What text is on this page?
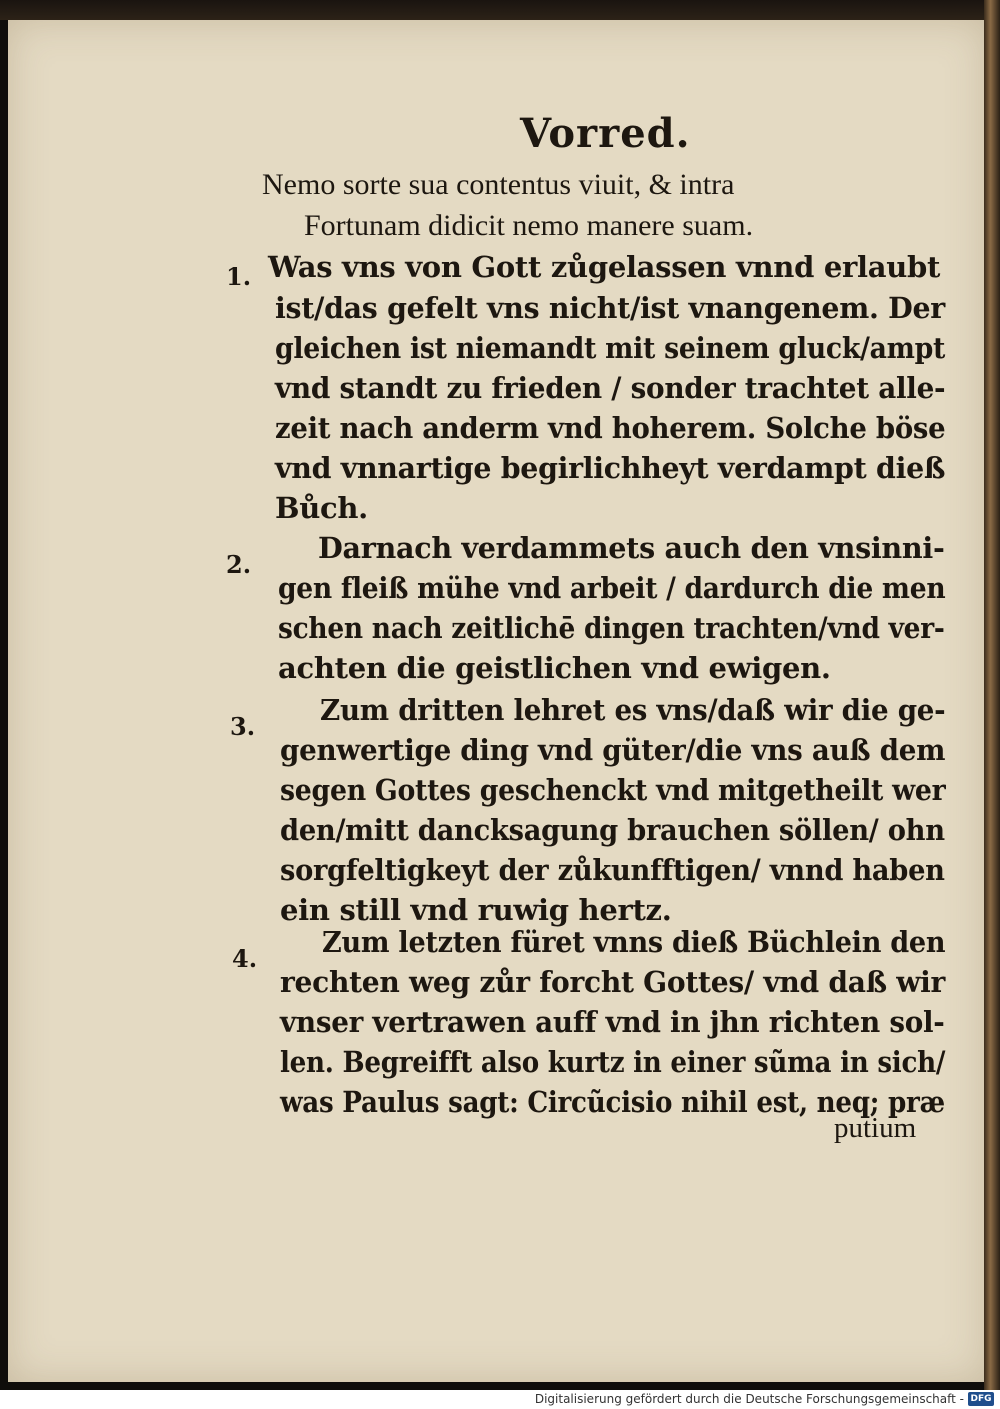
Vorred.
Nemo sorte sua contentus viuit, & intra
Fortunam didicit nemo manere suam.
1. Was vns von Gott zůgelassen vnnd erlaubt
ist/das gefelt vns nicht/ist vnangenem. Der
gleichen ist niemandt mit seinem gluck/ampt
vnd standt zu frieden / sonder trachtet alle-
zeit nach anderm vnd hoherem. Solche böse
vnd vnnartige begirlichheyt verdampt dieß
Bůch.
2. Darnach verdammets auch den vnsinni-
gen fleiß mühe vnd arbeit / dardurch die men
schen nach zeitlichē dingen trachten/vnd ver-
achten die geistlichen vnd ewigen.
3. Zum dritten lehret es vns/daß wir die ge-
genwertige ding vnd güter/die vns auß dem
segen Gottes geschenckt vnd mitgetheilt wer
den/mitt dancksagung brauchen söllen/ ohn
sorgfeltigkeyt der zůkunfftigen/ vnnd haben
ein still vnd ruwig hertz.
4. Zum letzten füret vnns dieß Büchlein den
rechten weg zůr forcht Gottes/ vnd daß wir
vnser vertrawen auff vnd in jhn richten sol-
len. Begreifft also kurtz in einer sũma in sich/
was Paulus sagt: Circũcisio nihil est, neq; præ
putium
Digitalisierung gefördert durch die Deutsche Forschungsgemeinschaft - DFG
